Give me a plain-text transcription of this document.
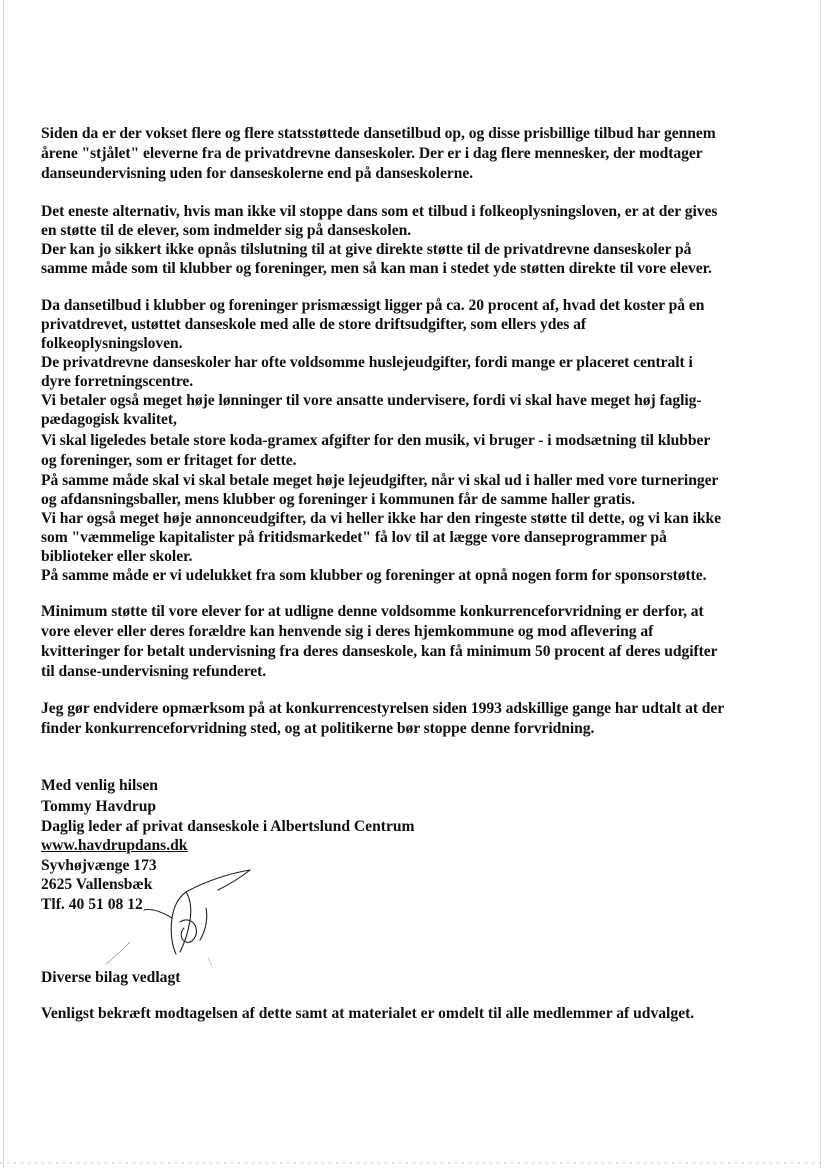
Siden da er der vokset flere og flere statsstøttede dansetilbud op, og disse prisbillige tilbud har gennem

årene "stjålet" eleverne fra de privatdrevne danseskoler. Der er i dag flere mennesker, der modtager

danseundervisning uden for danseskolerne end på danseskolerne.

Det eneste alternativ, hvis man ikke vil stoppe dans som et tilbud i folkeoplysningsloven, er at der gives

en støtte til de elever, som indmelder sig på danseskolen.

Der kan jo sikkert ikke opnås tilslutning til at give direkte støtte til de privatdrevne danseskoler på

samme måde som til klubber og foreninger, men så kan man i stedet yde støtten direkte til vore elever.

Da dansetilbud i klubber og foreninger prismæssigt ligger på ca. 20 procent af, hvad det koster på en

privatdrevet, ustøttet danseskole med alle de store driftsudgifter, som ellers ydes af

folkeoplysningsloven.

De privatdrevne danseskoler har ofte voldsomme huslejeudgifter, fordi mange er placeret centralt i

dyre forretningscentre.

Vi betaler også meget høje lønninger til vore ansatte undervisere, fordi vi skal have meget høj faglig-

pædagogisk kvalitet,

Vi skal ligeledes betale store koda-gramex afgifter for den musik, vi bruger - i modsætning til klubber

og foreninger, som er fritaget for dette.

På samme måde skal vi skal betale meget høje lejeudgifter, når vi skal ud i haller med vore turneringer

og afdansningsballer, mens klubber og foreninger i kommunen får de samme haller gratis.

Vi har også meget høje annonceudgifter, da vi heller ikke har den ringeste støtte til dette, og vi kan ikke

som "væmmelige kapitalister på fritidsmarkedet" få lov til at lægge vore danseprogrammer på

biblioteker eller skoler.

På samme måde er vi udelukket fra som klubber og foreninger at opnå nogen form for sponsorstøtte.

Minimum støtte til vore elever for at udligne denne voldsomme konkurrenceforvridning er derfor, at

vore elever eller deres forældre kan henvende sig i deres hjemkommune og mod aflevering af

kvitteringer for betalt undervisning fra deres danseskole, kan få minimum 50 procent af deres udgifter

til danse-undervisning refunderet.

Jeg gør endvidere opmærksom på at konkurrencestyrelsen siden 1993 adskillige gange har udtalt at der

finder konkurrenceforvridning sted, og at politikerne bør stoppe denne forvridning.

Med venlig hilsen

Tommy Havdrup

Daglig leder af privat danseskole i Albertslund Centrum

www.havdrupdans.dk

Syvhøjvænge 173

2625 Vallensbæk

Tlf. 40 51 08 12

Diverse bilag vedlagt

Venligst bekræft modtagelsen af dette samt at materialet er omdelt til alle medlemmer af udvalget.
